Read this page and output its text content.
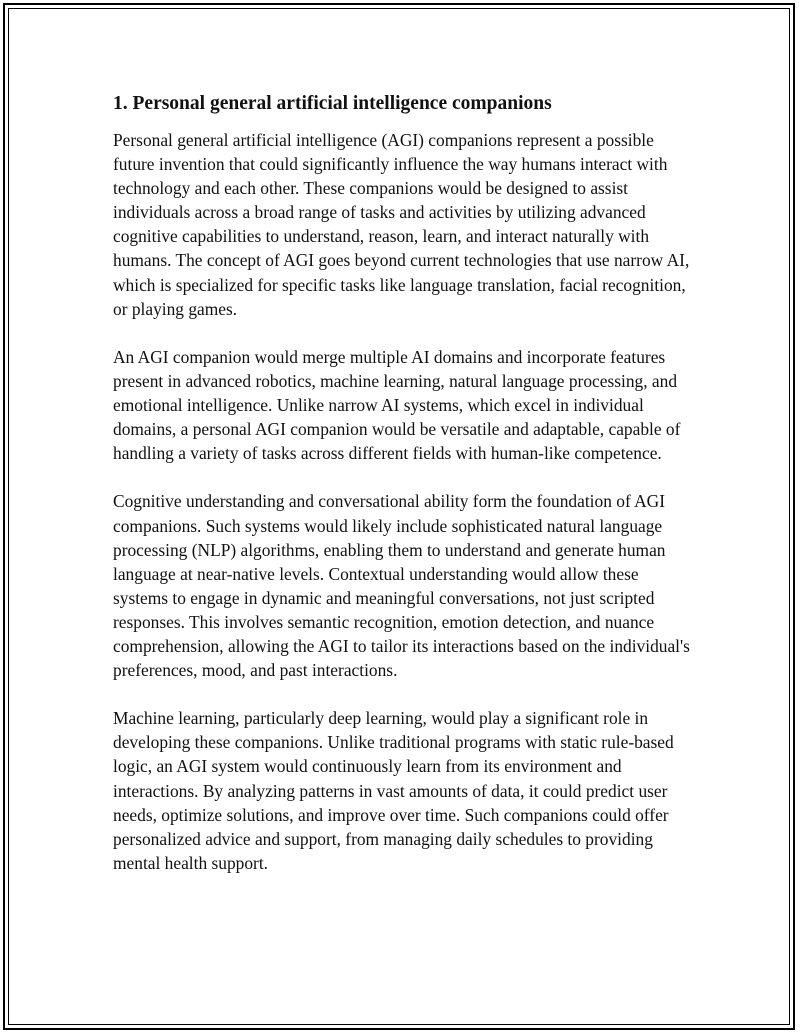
1. Personal general artificial intelligence companions

Personal general artificial intelligence (AGI) companions represent a possible future invention that could significantly influence the way humans interact with technology and each other. These companions would be designed to assist individuals across a broad range of tasks and activities by utilizing advanced cognitive capabilities to understand, reason, learn, and interact naturally with humans. The concept of AGI goes beyond current technologies that use narrow AI, which is specialized for specific tasks like language translation, facial recognition, or playing games.

An AGI companion would merge multiple AI domains and incorporate features present in advanced robotics, machine learning, natural language processing, and emotional intelligence. Unlike narrow AI systems, which excel in individual domains, a personal AGI companion would be versatile and adaptable, capable of handling a variety of tasks across different fields with human-like competence.

Cognitive understanding and conversational ability form the foundation of AGI companions. Such systems would likely include sophisticated natural language processing (NLP) algorithms, enabling them to understand and generate human language at near-native levels. Contextual understanding would allow these systems to engage in dynamic and meaningful conversations, not just scripted responses. This involves semantic recognition, emotion detection, and nuance comprehension, allowing the AGI to tailor its interactions based on the individual's preferences, mood, and past interactions.

Machine learning, particularly deep learning, would play a significant role in developing these companions. Unlike traditional programs with static rule-based logic, an AGI system would continuously learn from its environment and interactions. By analyzing patterns in vast amounts of data, it could predict user needs, optimize solutions, and improve over time. Such companions could offer personalized advice and support, from managing daily schedules to providing mental health support.
